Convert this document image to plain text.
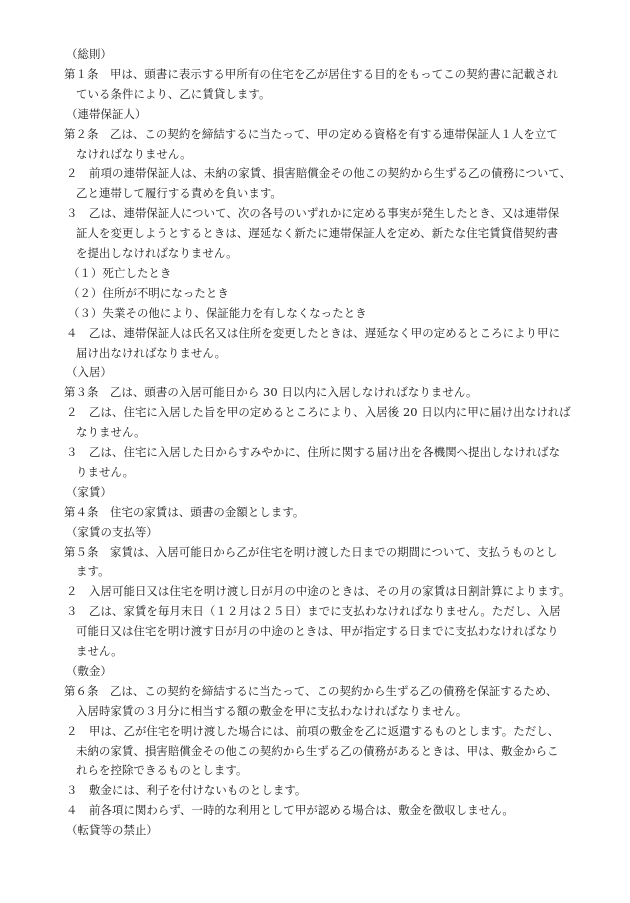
（総則）
第１条　甲は、頭書に表示する甲所有の住宅を乙が居住する目的をもってこの契約書に記載され
ている条件により、乙に賃貸します。
（連帯保証人）
第２条　乙は、この契約を締結するに当たって、甲の定める資格を有する連帯保証人１人を立て
なければなりません。
２　前項の連帯保証人は、未納の家賃、損害賠償金その他この契約から生ずる乙の債務について、
乙と連帯して履行する責めを負います。
３　乙は、連帯保証人について、次の各号のいずれかに定める事実が発生したとき、又は連帯保
証人を変更しようとするときは、遅延なく新たに連帯保証人を定め、新たな住宅賃貸借契約書
を提出しなければなりません。
（１）死亡したとき
（２）住所が不明になったとき
（３）失業その他により、保証能力を有しなくなったとき
４　乙は、連帯保証人は氏名又は住所を変更したときは、遅延なく甲の定めるところにより甲に
届け出なければなりません。
（入居）
第３条　乙は、頭書の入居可能日から 30 日以内に入居しなければなりません。
２　乙は、住宅に入居した旨を甲の定めるところにより、入居後 20 日以内に甲に届け出なければ
なりません。
３　乙は、住宅に入居した日からすみやかに、住所に関する届け出を各機関へ提出しなければな
りません。
（家賃）
第４条　住宅の家賃は、頭書の金額とします。
（家賃の支払等）
第５条　家賃は、入居可能日から乙が住宅を明け渡した日までの期間について、支払うものとし
ます。
２　入居可能日又は住宅を明け渡し日が月の中途のときは、その月の家賃は日割計算によります。
３　乙は、家賃を毎月末日（１２月は２５日）までに支払わなければなりません。ただし、入居
可能日又は住宅を明け渡す日が月の中途のときは、甲が指定する日までに支払わなければなり
ません。
（敷金）
第６条　乙は、この契約を締結するに当たって、この契約から生ずる乙の債務を保証するため、
入居時家賃の３月分に相当する額の敷金を甲に支払わなければなりません。
２　甲は、乙が住宅を明け渡した場合には、前項の敷金を乙に返還するものとします。ただし、
未納の家賃、損害賠償金その他この契約から生ずる乙の債務があるときは、甲は、敷金からこ
れらを控除できるものとします。
３　敷金には、利子を付けないものとします。
４　前各項に関わらず、一時的な利用として甲が認める場合は、敷金を徴収しません。
（転貸等の禁止）
